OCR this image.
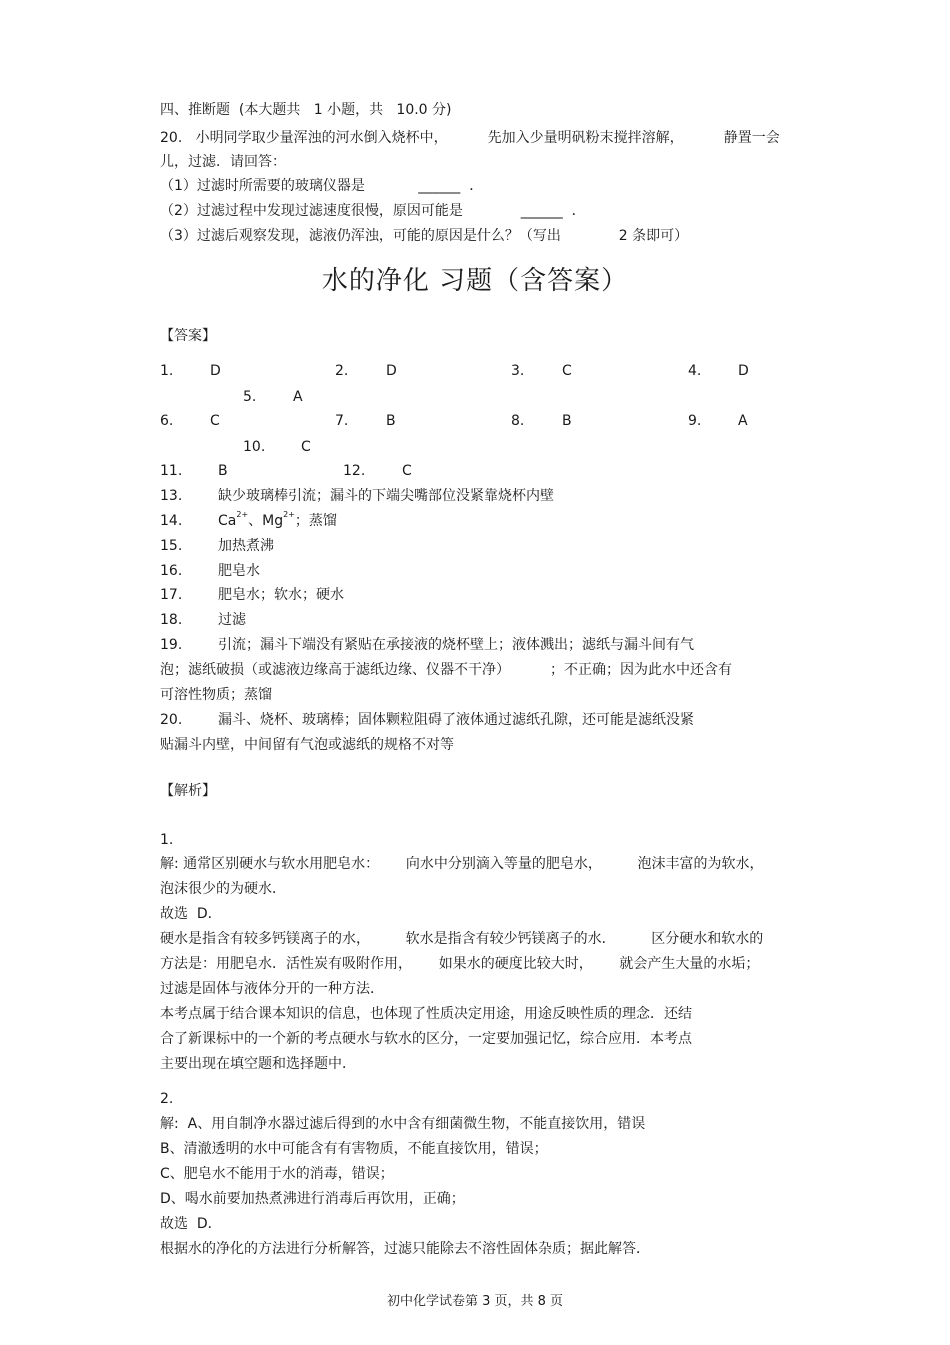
四、推断题  (本大题共   1 小题，共   10.0 分)
20.   小明同学取少量浑浊的河水倒入烧杯中，         先加入少量明矾粉末搅拌溶解，         静置一会
儿，过滤．请回答：
（1）过滤时所需要的玻璃仪器是            ______  ．
（2）过滤过程中发现过滤速度很慢，原因可能是             ______  ．
（3）过滤后观察发现，滤液仍浑浊，可能的原因是什么？（写出             2 条即可）
水的净化 习题（含答案）
【答案】
1.	D	2.	D	3.	C	4.	D
5.	A
6.	C	7.	B	8.	B	9.	A
10.	C
11.	B	12.	C
13.	缺少玻璃棒引流；漏斗的下端尖嘴部位没紧靠烧杯内壁
14.	$Ca^{2+}$、$Mg^{2+}$；蒸馏
15.	加热煮沸
16.	肥皂水
17.	肥皂水；软水；硬水
18.	过滤
19.	引流；漏斗下端没有紧贴在承接液的烧杯壁上；液体溅出；滤纸与漏斗间有气
泡；滤纸破损（或滤液边缘高于滤纸边缘、仪器不干净）         ；不正确；因为此水中还含有
可溶性物质；蒸馏
20.	漏斗、烧杯、玻璃棒；固体颗粒阻碍了液体通过滤纸孔隙，还可能是滤纸没紧
贴漏斗内壁，中间留有气泡或滤纸的规格不对等
【解析】
1.
解: 通常区别硬水与软水用肥皂水：      向水中分别滴入等量的肥皂水，        泡沫丰富的为软水，
泡沫很少的为硬水．
故选  D．
硬水是指含有较多钙镁离子的水，        软水是指含有较少钙镁离子的水．        区分硬水和软水的
方法是：用肥皂水．活性炭有吸附作用，      如果水的硬度比较大时，      就会产生大量的水垢；
过滤是固体与液体分开的一种方法．
本考点属于结合课本知识的信息，也体现了性质决定用途，用途反映性质的理念．还结
合了新课标中的一个新的考点硬水与软水的区分，一定要加强记忆，综合应用．本考点
主要出现在填空题和选择题中．
2.
解:  A、用自制净水器过滤后得到的水中含有细菌微生物，不能直接饮用，错误
B、清澈透明的水中可能含有有害物质，不能直接饮用，错误；
C、肥皂水不能用于水的消毒，错误；
D、喝水前要加热煮沸进行消毒后再饮用，正确；
故选  D．
根据水的净化的方法进行分析解答，过滤只能除去不溶性固体杂质；据此解答．
初中化学试卷第 3 页，共 8 页
